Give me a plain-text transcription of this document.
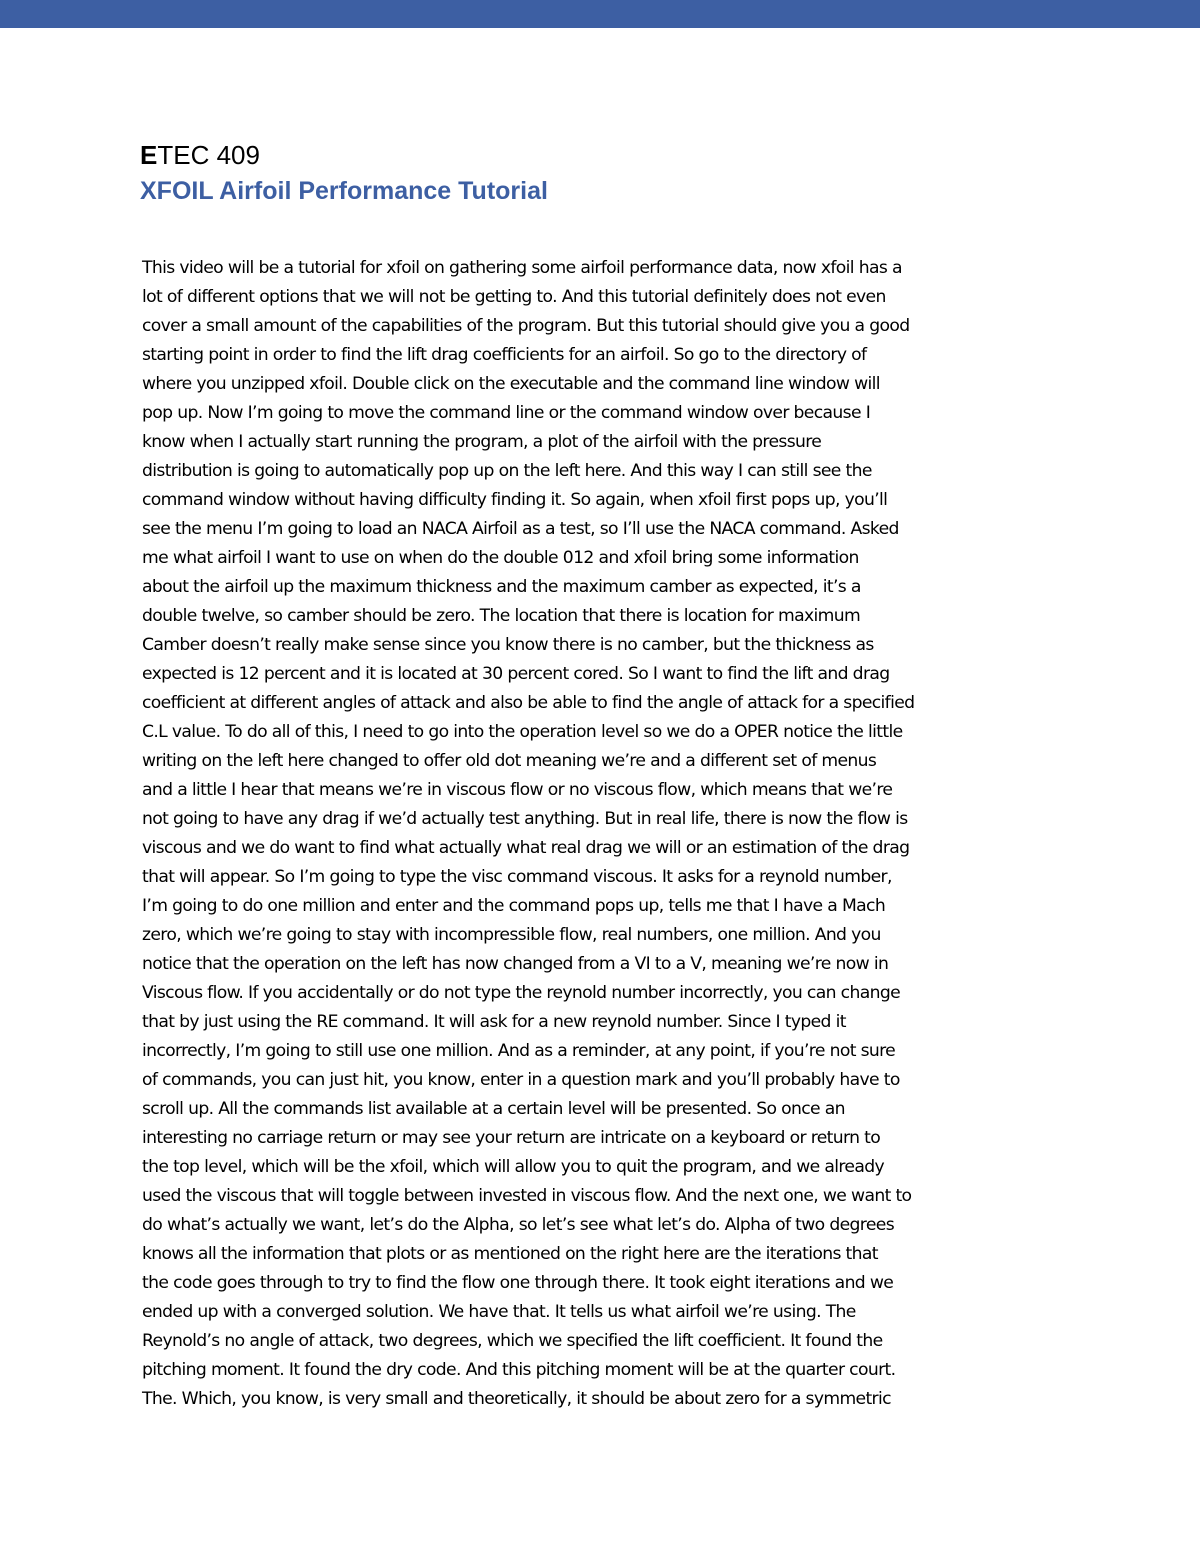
ETEC 409
XFOIL Airfoil Performance Tutorial
This video will be a tutorial for xfoil on gathering some airfoil performance data, now xfoil has a
lot of different options that we will not be getting to. And this tutorial definitely does not even
cover a small amount of the capabilities of the program. But this tutorial should give you a good
starting point in order to find the lift drag coefficients for an airfoil. So go to the directory of
where you unzipped xfoil. Double click on the executable and the command line window will
pop up. Now I’m going to move the command line or the command window over because I
know when I actually start running the program, a plot of the airfoil with the pressure
distribution is going to automatically pop up on the left here. And this way I can still see the
command window without having difficulty finding it. So again, when xfoil first pops up, you’ll
see the menu I’m going to load an NACA Airfoil as a test, so I’ll use the NACA command. Asked
me what airfoil I want to use on when do the double 012 and xfoil bring some information
about the airfoil up the maximum thickness and the maximum camber as expected, it’s a
double twelve, so camber should be zero. The location that there is location for maximum
Camber doesn’t really make sense since you know there is no camber, but the thickness as
expected is 12 percent and it is located at 30 percent cored. So I want to find the lift and drag
coefficient at different angles of attack and also be able to find the angle of attack for a specified
C.L value. To do all of this, I need to go into the operation level so we do a OPER notice the little
writing on the left here changed to offer old dot meaning we’re and a different set of menus
and a little I hear that means we’re in viscous flow or no viscous flow, which means that we’re
not going to have any drag if we’d actually test anything. But in real life, there is now the flow is
viscous and we do want to find what actually what real drag we will or an estimation of the drag
that will appear. So I’m going to type the visc command viscous. It asks for a reynold number,
I’m going to do one million and enter and the command pops up, tells me that I have a Mach
zero, which we’re going to stay with incompressible flow, real numbers, one million. And you
notice that the operation on the left has now changed from a VI to a V, meaning we’re now in
Viscous flow. If you accidentally or do not type the reynold number incorrectly, you can change
that by just using the RE command. It will ask for a new reynold number. Since I typed it
incorrectly, I’m going to still use one million. And as a reminder, at any point, if you’re not sure
of commands, you can just hit, you know, enter in a question mark and you’ll probably have to
scroll up. All the commands list available at a certain level will be presented. So once an
interesting no carriage return or may see your return are intricate on a keyboard or return to
the top level, which will be the xfoil, which will allow you to quit the program, and we already
used the viscous that will toggle between invested in viscous flow. And the next one, we want to
do what’s actually we want, let’s do the Alpha, so let’s see what let’s do. Alpha of two degrees
knows all the information that plots or as mentioned on the right here are the iterations that
the code goes through to try to find the flow one through there. It took eight iterations and we
ended up with a converged solution. We have that. It tells us what airfoil we’re using. The
Reynold’s no angle of attack, two degrees, which we specified the lift coefficient. It found the
pitching moment. It found the dry code. And this pitching moment will be at the quarter court.
The. Which, you know, is very small and theoretically, it should be about zero for a symmetric
